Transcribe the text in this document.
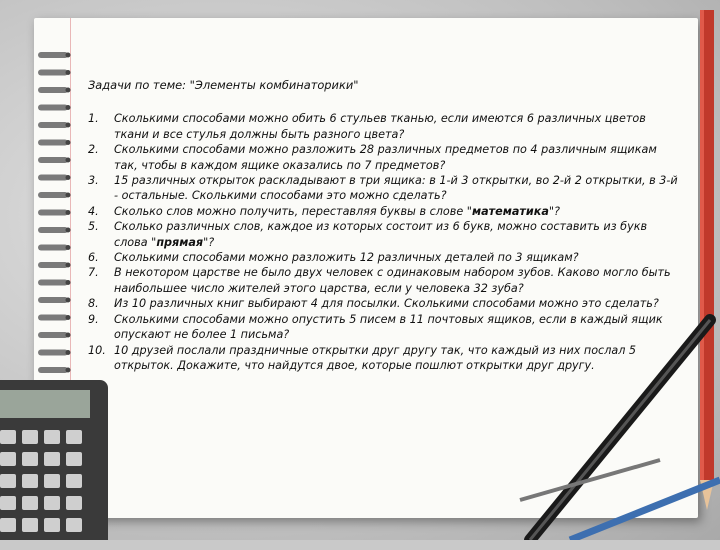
Задачи по теме: "Элементы комбинаторики"

1.	Сколькими способами можно обить 6 стульев тканью, если имеются 6 различных цветов ткани и все стулья должны быть разного цвета?
2.	Сколькими способами можно разложить 28 различных предметов по 4 различным ящикам так, чтобы в каждом ящике оказались по 7 предметов?
3.	15 различных открыток раскладывают в три ящика: в 1-й 3 открытки, во 2-й 2 открытки, в 3-й - остальные. Сколькими способами это можно сделать?
4.	Сколько слов можно получить, переставляя буквы в слове "математика"?
5.	Сколько различных слов, каждое из которых состоит из 6 букв, можно составить из букв слова "прямая"?
6.	Сколькими способами можно разложить 12 различных деталей по 3 ящикам?
7.	В некотором царстве не было двух человек с одинаковым набором зубов. Каково могло быть наибольшее число жителей этого царства, если у человека 32 зуба?
8.	Из 10 различных книг выбирают 4 для посылки. Сколькими способами можно это сделать?
9.	Сколькими способами можно опустить 5 писем в 11 почтовых ящиков, если в каждый ящик опускают не более 1 письма?
10. 10 друзей послали праздничные открытки друг другу так, что каждый из них послал 5 открыток. Докажите, что найдутся двое, которые пошлют открытки друг другу.
